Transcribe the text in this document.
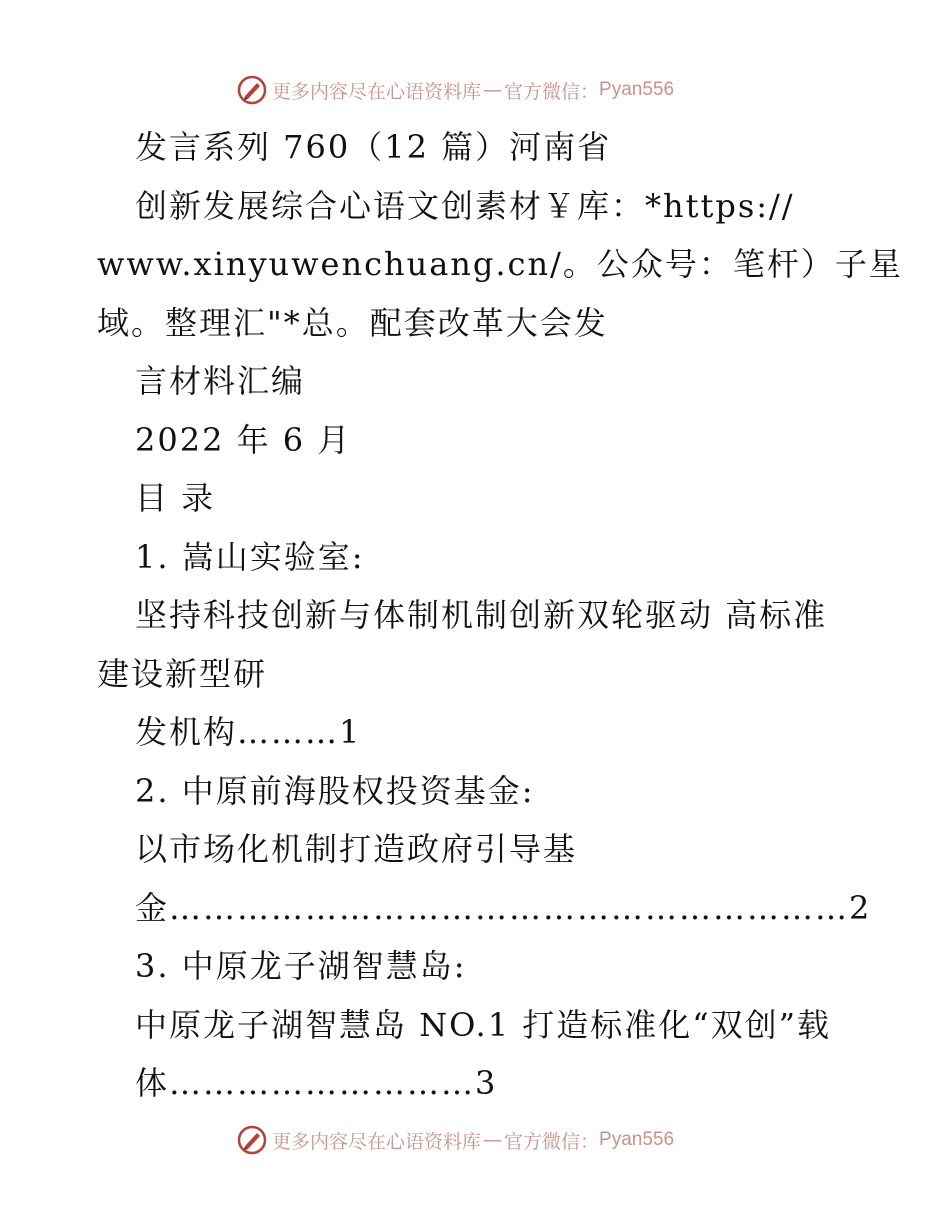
更多内容尽在心语资料库 — 官方微信： Pyan556
发言系列 760（12 篇）河南省
创新发展综合心语文创素材￥库：*https://
www.xinyuwenchuang.cn/。公众号：笔杆）子星
域。整理汇"*总。配套改革大会发
言材料汇编
2022 年 6 月
目 录
1. 嵩山实验室:
坚持科技创新与体制机制创新双轮驱动 高标准
建设新型研
发机构………1
2. 中原前海股权投资基金:
以市场化机制打造政府引导基
金……………………………………………………2
3. 中原龙子湖智慧岛:
中原龙子湖智慧岛 NO.1 打造标准化“双创”载
体………………………3
更多内容尽在心语资料库 — 官方微信： Pyan556
